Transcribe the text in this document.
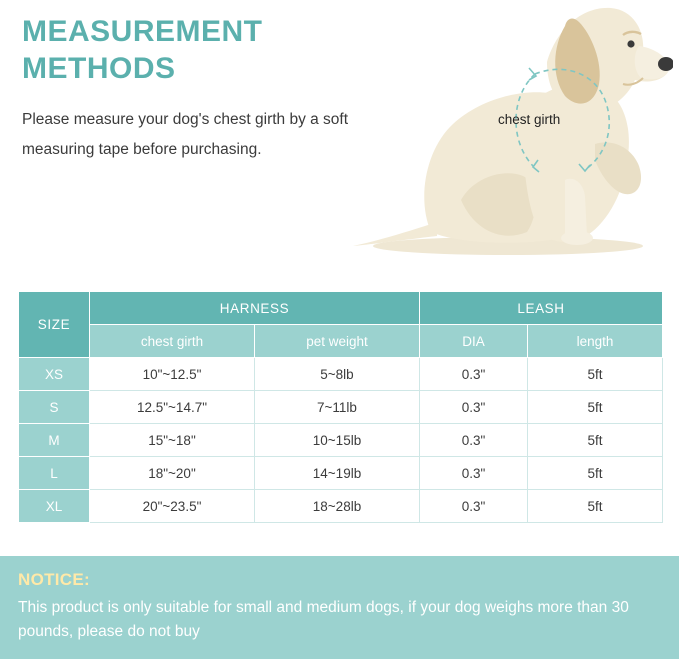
MEASUREMENT METHODS

Please measure your dog's chest girth by a soft measuring tape before purchasing.

chest girth
SIZE	HARNESS		LEASH	
	chest girth	pet weight	DIA	length
XS	10"~12.5"	5~8lb	0.3"	5ft
S	12.5"~14.7"	7~11lb	0.3"	5ft
M	15"~18"	10~15lb	0.3"	5ft
L	18"~20"	14~19lb	0.3"	5ft
XL	20"~23.5"	18~28lb	0.3"	5ft

NOTICE:

This product is only suitable for small and medium dogs, if your dog weighs more than 30 pounds, please do not buy
